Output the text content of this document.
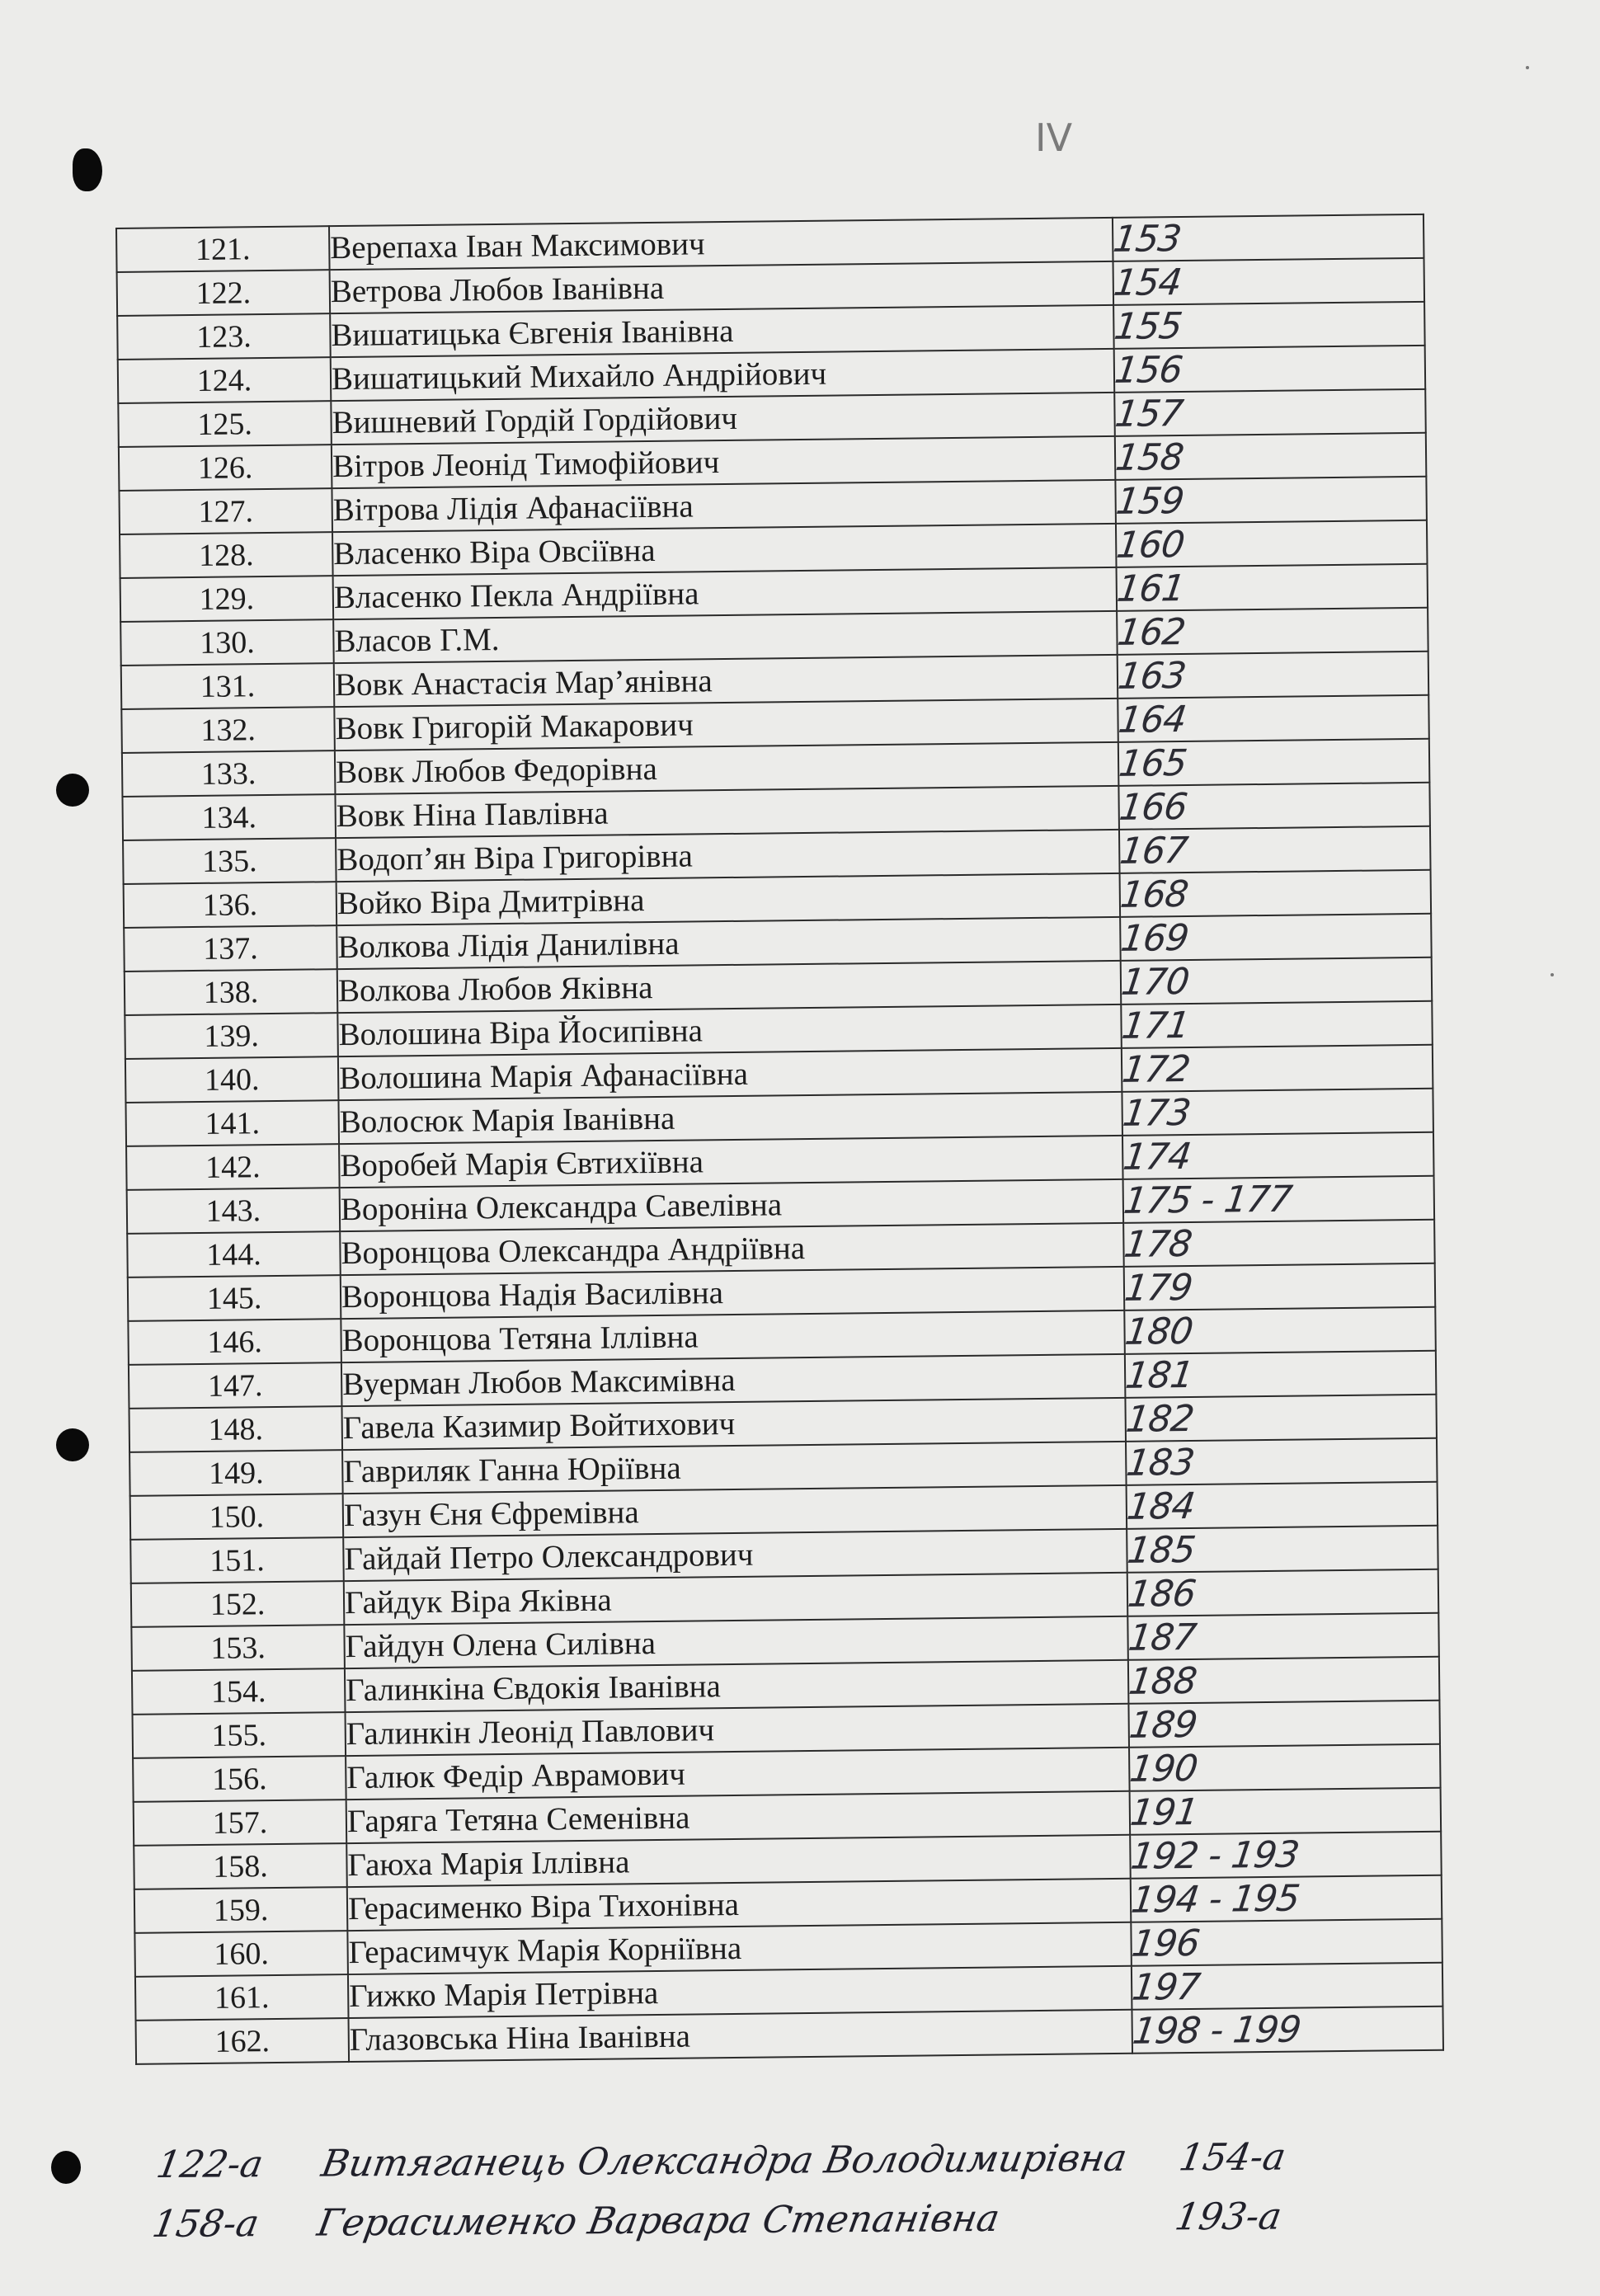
IV
121.	Верепаха Іван Максимович	153
122.	Ветрова Любов Іванівна	154
123.	Вишатицька Євгенія Іванівна	155
124.	Вишатицький Михайло Андрійович	156
125.	Вишневий Гордій Гордійович	157
126.	Вітров Леонід Тимофійович	158
127.	Вітрова Лідія Афанасіївна	159
128.	Власенко Віра Овсіївна	160
129.	Власенко Пекла Андріївна	161
130.	Власов Г.М.	162
131.	Вовк Анастасія Мар’янівна	163
132.	Вовк Григорій Макарович	164
133.	Вовк Любов Федорівна	165
134.	Вовк Ніна Павлівна	166
135.	Водоп’ян Віра Григорівна	167
136.	Войко Віра Дмитрівна	168
137.	Волкова Лідія Данилівна	169
138.	Волкова Любов Яківна	170
139.	Волошина Віра Йосипівна	171
140.	Волошина Марія Афанасіївна	172
141.	Волосюк Марія Іванівна	173
142.	Воробей Марія Євтихіївна	174
143.	Вороніна Олександра Савелівна	175 - 177
144.	Воронцова Олександра Андріївна	178
145.	Воронцова Надія Василівна	179
146.	Воронцова Тетяна Іллівна	180
147.	Вуерман Любов Максимівна	181
148.	Гавела Казимир Войтихович	182
149.	Гавриляк Ганна Юріївна	183
150.	Газун Єня Єфремівна	184
151.	Гайдай Петро Олександрович	185
152.	Гайдук Віра Яківна	186
153.	Гайдун Олена Силівна	187
154.	Галинкіна Євдокія Іванівна	188
155.	Галинкін Леонід Павлович	189
156.	Галюк Федір Аврамович	190
157.	Гаряга Тетяна Семенівна	191
158.	Гаюха Марія Іллівна	192 - 193
159.	Герасименко Віра Тихонівна	194 - 195
160.	Герасимчук Марія Корніївна	196
161.	Гижко Марія Петрівна	197
162.	Глазовська Ніна Іванівна	198 - 199
122-а Витяганець Олександра Володимирівна 154-а
158-а Герасименко Варвара Степанівна	193-а
